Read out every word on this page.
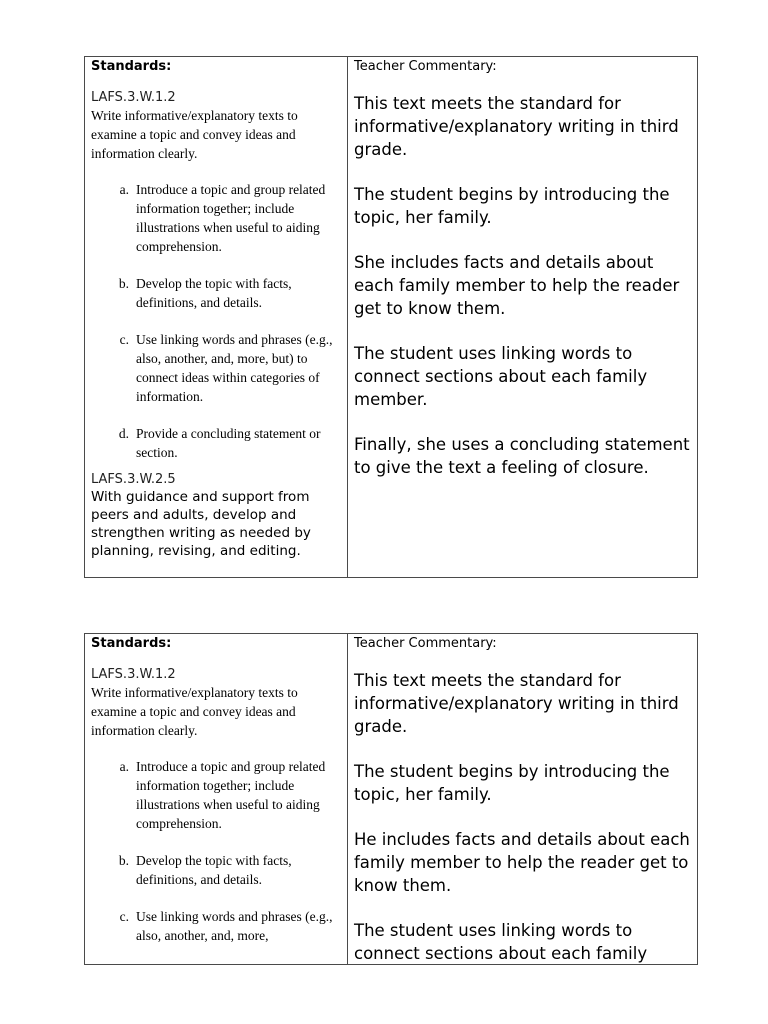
Standards:

LAFS.3.W.1.2

Write informative/explanatory texts to examine a topic and convey ideas and information clearly.

a. Introduce a topic and group related information together; include illustrations when useful to aiding comprehension.
b. Develop the topic with facts, definitions, and details.
c. Use linking words and phrases (e.g., also, another, and, more, but) to connect ideas within categories of information.
d. Provide a concluding statement or section.

LAFS.3.W.2.5

With guidance and support from peers and adults, develop and strengthen writing as needed by planning, revising, and editing.

Teacher Commentary:

This text meets the standard for informative/explanatory writing in third grade.

The student begins by introducing the topic, her family.

She includes facts and details about each family member to help the reader get to know them.

The student uses linking words to connect sections about each family member.

Finally, she uses a concluding statement to give the text a feeling of closure.

Standards:

LAFS.3.W.1.2

Write informative/explanatory texts to examine a topic and convey ideas and information clearly.

a. Introduce a topic and group related information together; include illustrations when useful to aiding comprehension.
b. Develop the topic with facts, definitions, and details.
c. Use linking words and phrases (e.g., also, another, and, more,

Teacher Commentary:

This text meets the standard for informative/explanatory writing in third grade.

The student begins by introducing the topic, her family.

He includes facts and details about each family member to help the reader get to know them.

The student uses linking words to connect sections about each family
